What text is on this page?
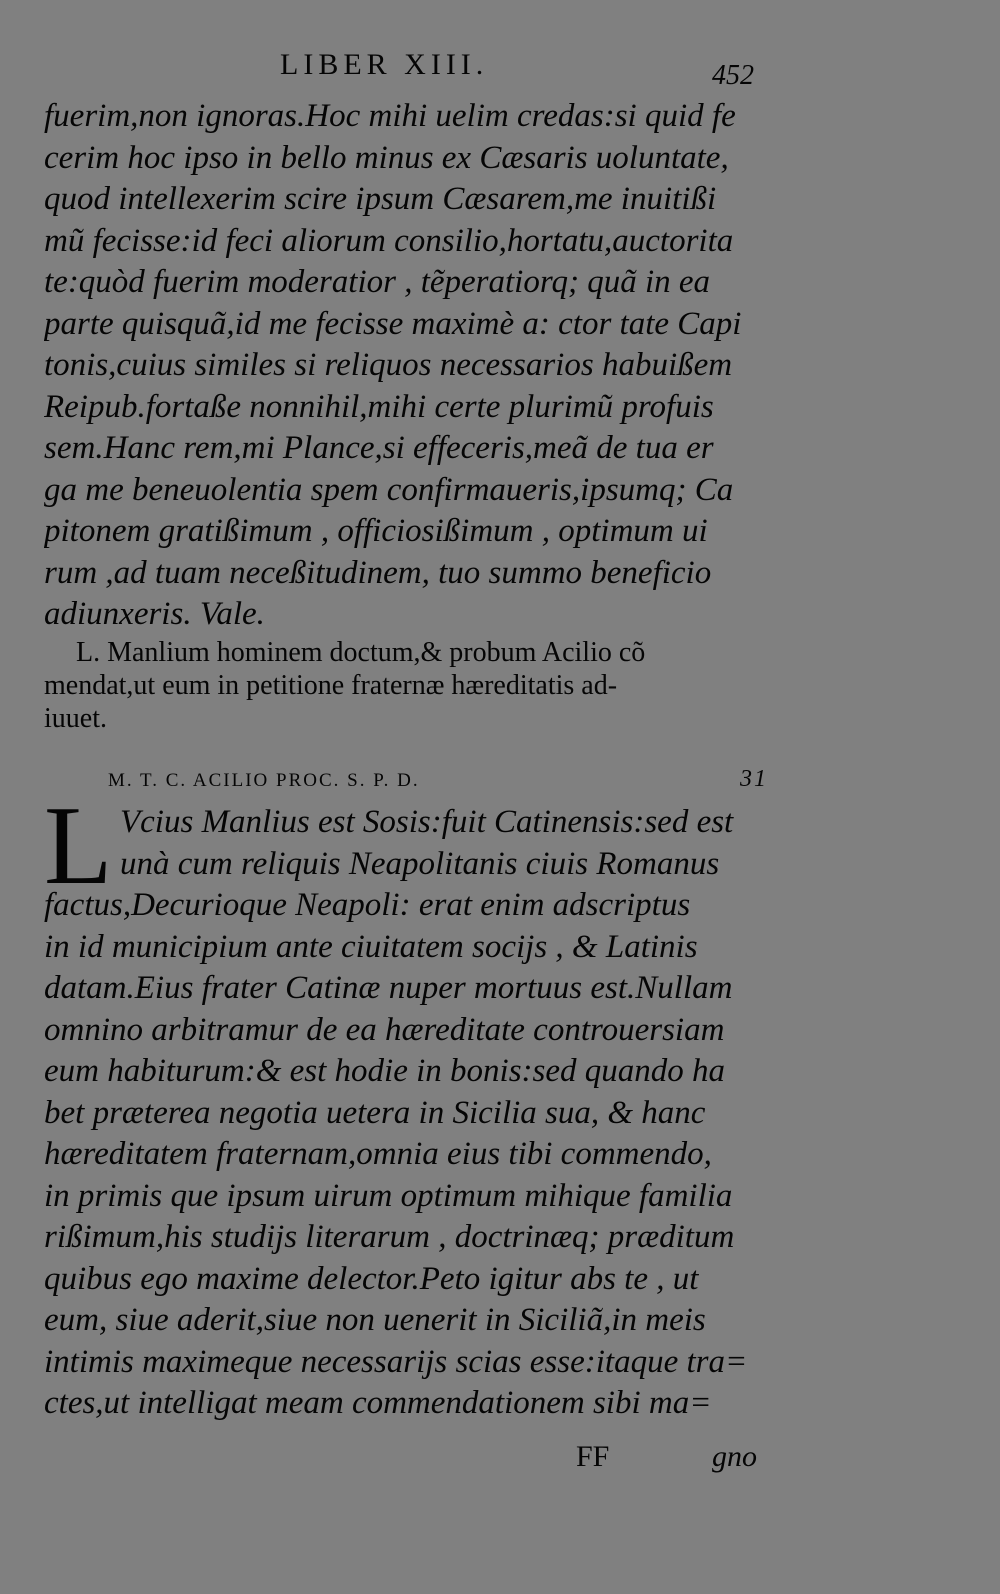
LIBER XIII.	452
fuerim,non ignoras.Hoc mihi uelim credas:si quid fe
cerim hoc ipso in bello minus ex Cæsaris uoluntate,
quod intellexerim scire ipsum Cæsarem,me inuitißi
mũ fecisse:id feci aliorum consilio,hortatu,auctorita
te:quòd fuerim moderatior , tẽperatiorq; quã in ea
parte quisquã,id me fecisse maximè a: ctor tate Capi
tonis,cuius similes si reliquos necessarios habuißem
Reipub.fortaße nonnihil,mihi certe plurimũ profuis
sem.Hanc rem,mi Plance,si effeceris,meã de tua er
ga me beneuolentia spem confirmaueris,ipsumq; Ca
pitonem gratißimum , officiosißimum , optimum ui
rum ,ad tuam neceßitudinem, tuo summo beneficio
adiunxeris. Vale.
L. Manlium hominem doctum,& probum Acilio cõ
mendat,ut eum in petitione fraternæ hæreditatis ad-
iuuet.
M. T. C. ACILIO PROC. S. P. D.	31
L Vcius Manlius est Sosis:fuit Catinensis:sed est
unà cum reliquis Neapolitanis ciuis Romanus
factus,Decurioque Neapoli: erat enim adscriptus
in id municipium ante ciuitatem socijs , & Latinis
datam.Eius frater Catinæ nuper mortuus est.Nullam
omnino arbitramur de ea hæreditate controuersiam
eum habiturum:& est hodie in bonis:sed quando ha
bet præterea negotia uetera in Sicilia sua, & hanc
hæreditatem fraternam,omnia eius tibi commendo,
in primis que ipsum uirum optimum mihique familia
rißimum,his studijs literarum , doctrinæq; præditum
quibus ego maxime delector.Peto igitur abs te , ut
eum, siue aderit,siue non uenerit in Siciliã,in meis
intimis maximeque necessarijs scias esse:itaque tra=
ctes,ut intelligat meam commendationem sibi ma=
FF	gno
